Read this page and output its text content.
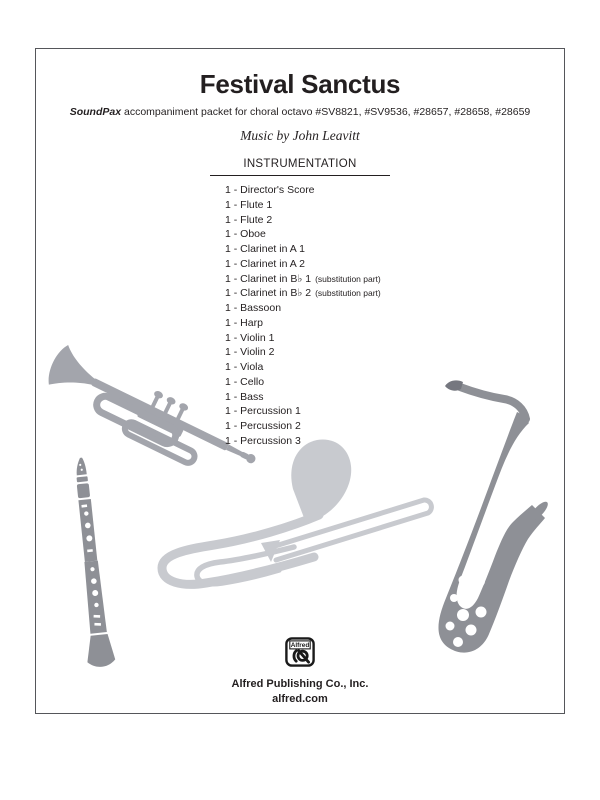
Festival Sanctus
SoundPax accompaniment packet for choral octavo #SV8821, #SV9536, #28657, #28658, #28659
Music by John Leavitt
INSTRUMENTATION
1 - Director's Score
1 - Flute 1
1 - Flute 2
1 - Oboe
1 - Clarinet in A 1
1 - Clarinet in A 2
1 - Clarinet in B♭ 1 (substitution part)
1 - Clarinet in B♭ 2 (substitution part)
1 - Bassoon
1 - Harp
1 - Violin 1
1 - Violin 2
1 - Viola
1 - Cello
1 - Bass
1 - Percussion 1
1 - Percussion 2
1 - Percussion 3
Alfred
Alfred Publishing Co., Inc.
alfred.com
